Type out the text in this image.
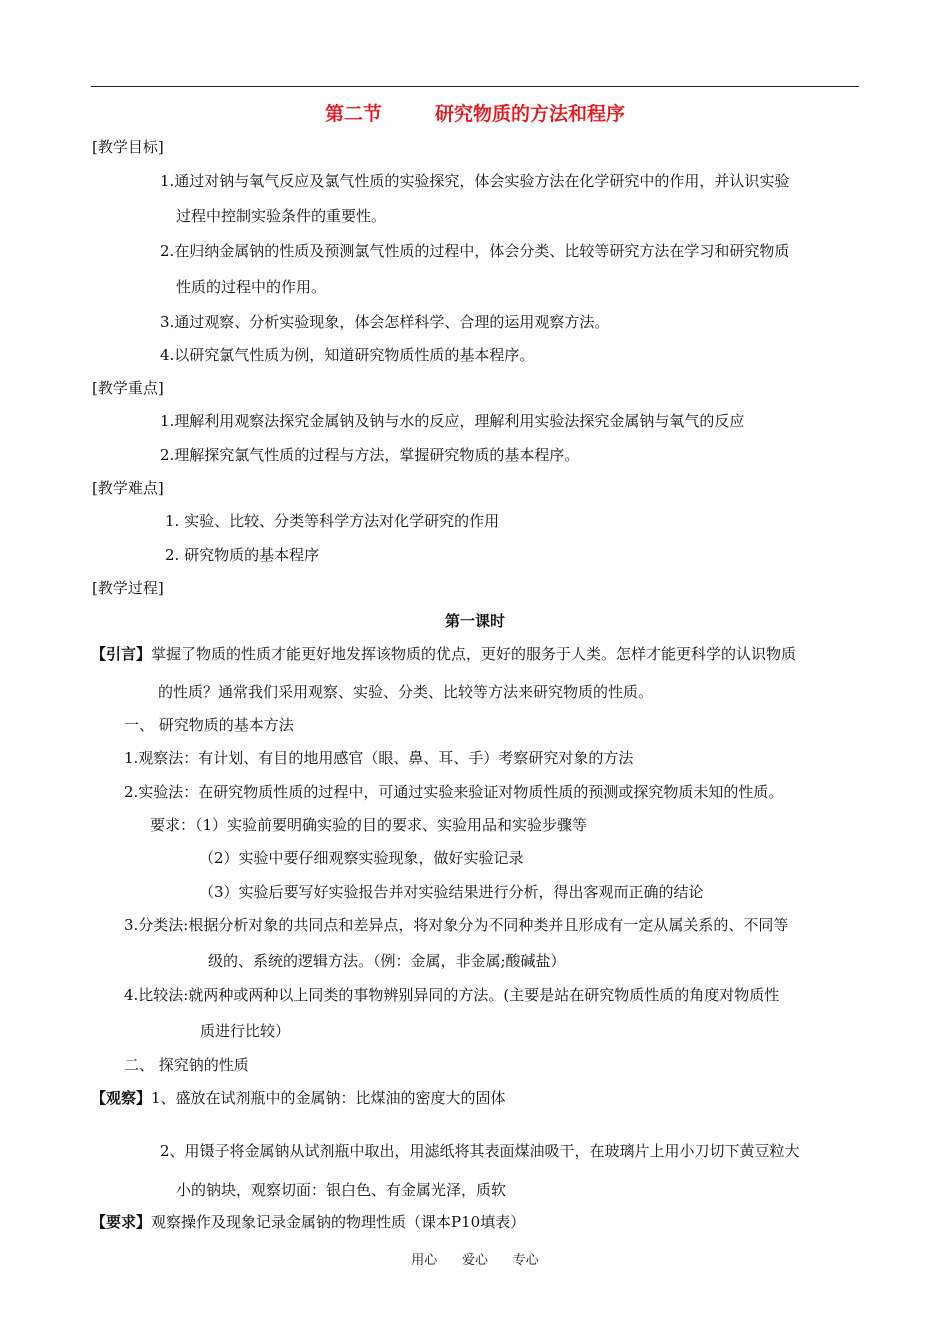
第二节        研究物质的方法和程序
[教学目标]
1.通过对钠与氧气反应及氯气性质的实验探究，体会实验方法在化学研究中的作用，并认识实验
过程中控制实验条件的重要性。
2.在归纳金属钠的性质及预测氯气性质的过程中，体会分类、比较等研究方法在学习和研究物质
性质的过程中的作用。
3.通过观察、分析实验现象，体会怎样科学、合理的运用观察方法。
4.以研究氯气性质为例，知道研究物质性质的基本程序。
[教学重点]
1.理解利用观察法探究金属钠及钠与水的反应，理解利用实验法探究金属钠与氧气的反应
2.理解探究氯气性质的过程与方法，掌握研究物质的基本程序。
[教学难点]
1. 实验、比较、分类等科学方法对化学研究的作用
2. 研究物质的基本程序
[教学过程]
第一课时
【引言】掌握了物质的性质才能更好地发挥该物质的优点，更好的服务于人类。怎样才能更科学的认识物质
的性质？通常我们采用观察、实验、分类、比较等方法来研究物质的性质。
一、 研究物质的基本方法
1.观察法：有计划、有目的地用感官（眼、鼻、耳、手）考察研究对象的方法
2.实验法：在研究物质性质的过程中，可通过实验来验证对物质性质的预测或探究物质未知的性质。
要求：（1）实验前要明确实验的目的要求、实验用品和实验步骤等
（2）实验中要仔细观察实验现象，做好实验记录
（3）实验后要写好实验报告并对实验结果进行分析，得出客观而正确的结论
3.分类法:根据分析对象的共同点和差异点，将对象分为不同种类并且形成有一定从属关系的、不同等
级的、系统的逻辑方法。（例：金属，非金属;酸碱盐）
4.比较法:就两种或两种以上同类的事物辨别异同的方法。(主要是站在研究物质性质的角度对物质性
质进行比较）
二、 探究钠的性质
【观察】1、盛放在试剂瓶中的金属钠：比煤油的密度大的固体
2、用镊子将金属钠从试剂瓶中取出，用滤纸将其表面煤油吸干，在玻璃片上用小刀切下黄豆粒大
小的钠块，观察切面：银白色、有金属光泽，质软
【要求】观察操作及现象记录金属钠的物理性质（课本P10填表）
用心      爱心      专心
